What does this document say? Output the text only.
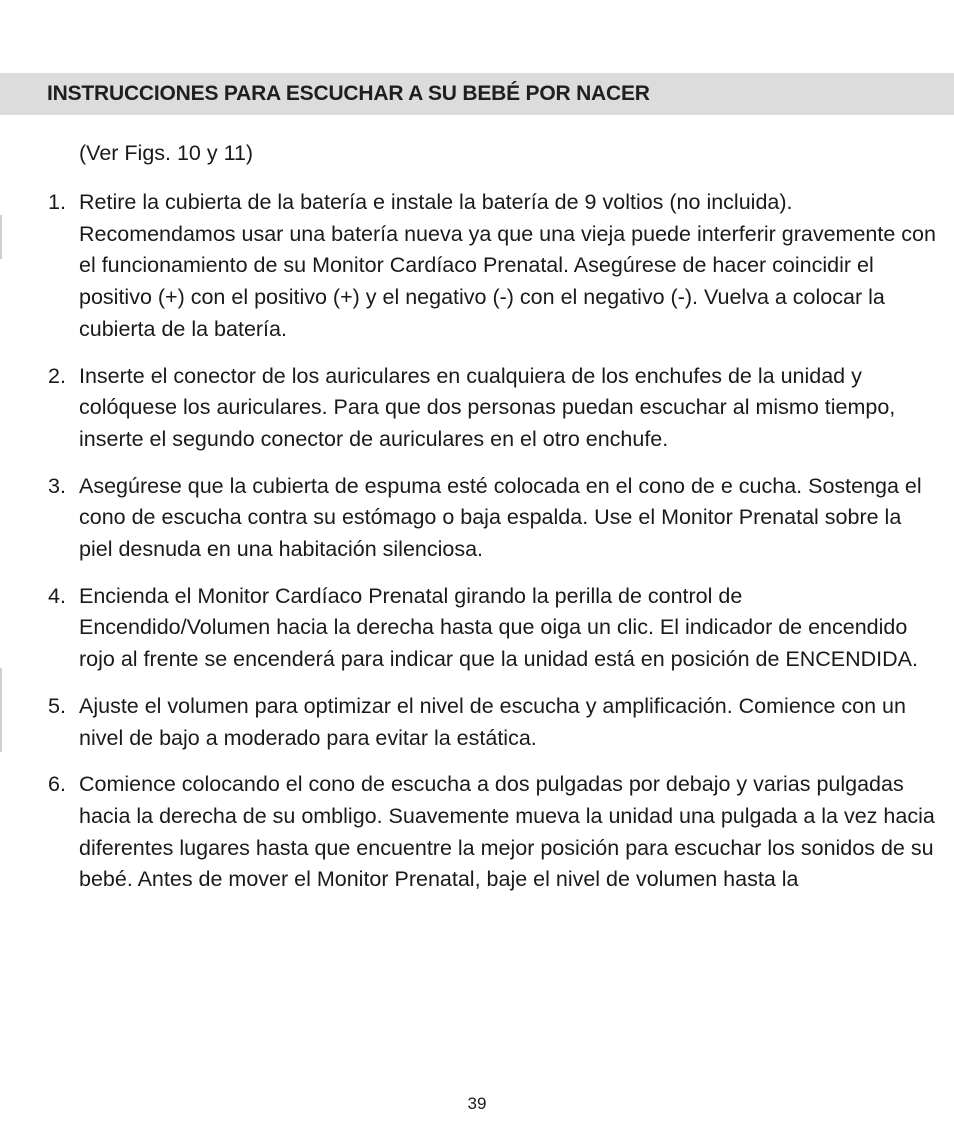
INSTRUCCIONES PARA ESCUCHAR A SU BEBÉ POR NACER
(Ver Figs. 10 y 11)
1. Retire la cubierta de la batería e instale la batería de 9 voltios (no incluida). Recomendamos usar una batería nueva ya que una vieja puede interferir gravemente con el funcionamiento de su Monitor Cardíaco Prenatal. Asegúrese de hacer coincidir el positivo (+) con el positivo (+) y el negativo (-) con el negativo (-). Vuelva a colocar la cubierta de la batería.
2. Inserte el conector de los auriculares en cualquiera de los enchufes de la unidad y colóquese los auriculares. Para que dos personas puedan escuchar al mismo tiempo, inserte el segundo conector de auriculares en el otro enchufe.
3. Asegúrese que la cubierta de espuma esté colocada en el cono de e cucha. Sostenga el cono de escucha contra su estómago o baja espalda. Use el Monitor Prenatal sobre la piel desnuda en una habitación silenciosa.
4. Encienda el Monitor Cardíaco Prenatal girando la perilla de control de Encendido/Volumen hacia la derecha hasta que oiga un clic. El indicador de encendido rojo al frente se encenderá para indicar que la unidad está en posición de ENCENDIDA.
5. Ajuste el volumen para optimizar el nivel de escucha y amplificación. Comience con un nivel de bajo a moderado para evitar la estática.
6. Comience colocando el cono de escucha a dos pulgadas por debajo y varias pulgadas hacia la derecha de su ombligo. Suavemente mueva la unidad una pulgada a la vez hacia diferentes lugares hasta que encuentre la mejor posición para escuchar los sonidos de su bebé. Antes de mover el Monitor Prenatal, baje el nivel de volumen hasta la
39
